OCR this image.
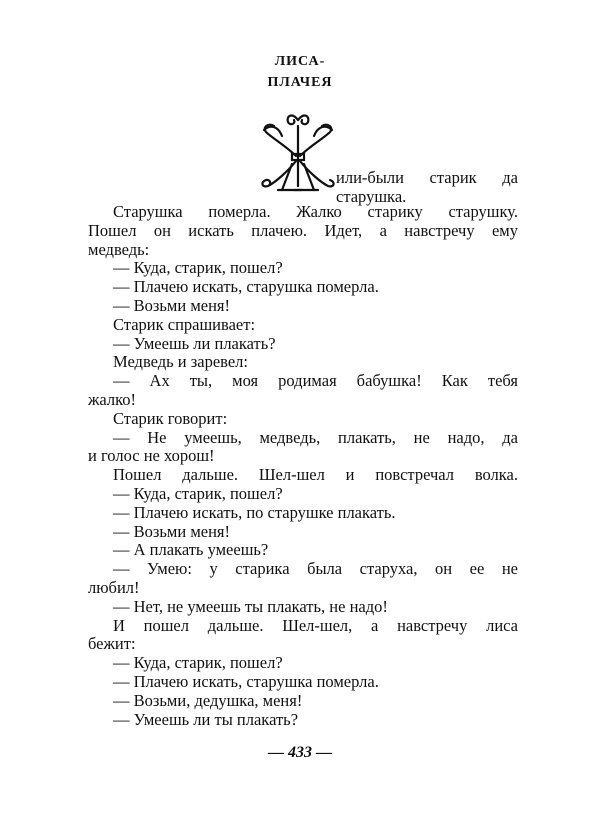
ЛИСА-
ПЛАЧЕЯ
или-были старик да
старушка.
Старушка померла. Жалко старику старушку.
Пошел он искать плачею. Идет, а навстречу ему
медведь:
— Куда, старик, пошел?
— Плачею искать, старушка померла.
— Возьми меня!
Старик спрашивает:
— Умеешь ли плакать?
Медведь и заревел:
— Ах ты, моя родимая бабушка! Как тебя
жалко!
Старик говорит:
— Не умеешь, медведь, плакать, не надо, да
и голос не хорош!
Пошел дальше. Шел-шел и повстречал волка.
— Куда, старик, пошел?
— Плачею искать, по старушке плакать.
— Возьми меня!
— А плакать умеешь?
— Умею: у старика была старуха, он ее не
любил!
— Нет, не умеешь ты плакать, не надо!
И пошел дальше. Шел-шел, а навстречу лиса
бежит:
— Куда, старик, пошел?
— Плачею искать, старушка померла.
— Возьми, дедушка, меня!
— Умеешь ли ты плакать?
— 433 —
